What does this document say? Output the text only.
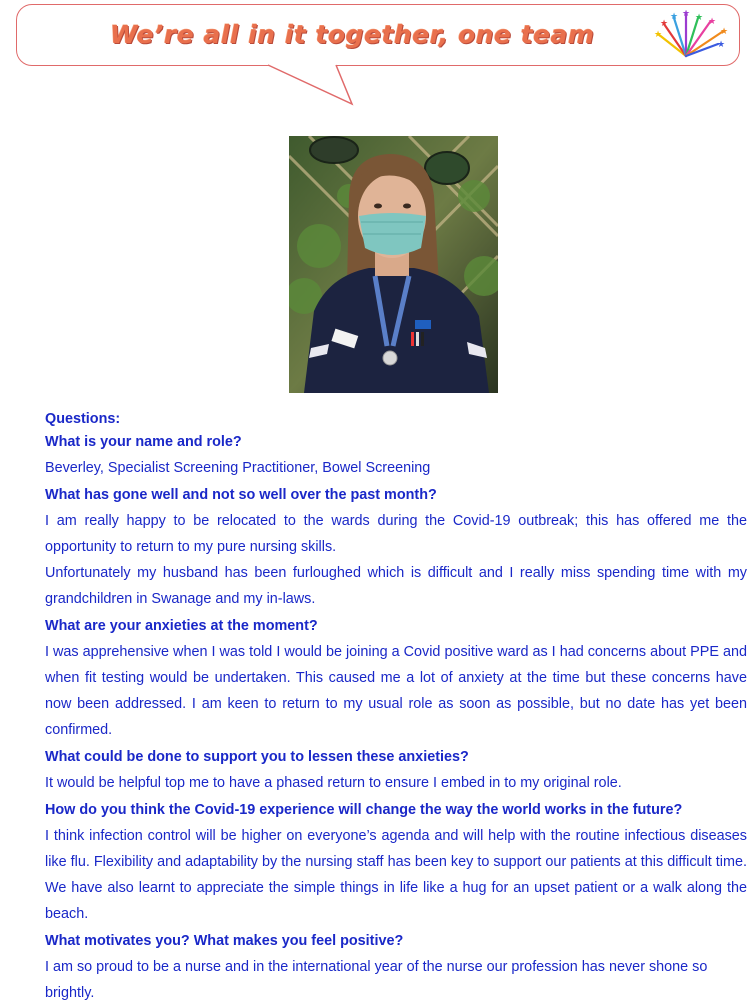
We’re all in it together, one team	★
★
★ ★ ★ ★
★
★
Questions:
What is your name and role?
Beverley, Specialist Screening Practitioner, Bowel Screening
What has gone well and not so well over the past month?
I am really happy to be relocated to the wards during the Covid-19 outbreak; this has offered me the opportunity to return to my pure nursing skills.
Unfortunately my husband has been furloughed which is difficult and I really miss spending time with my grandchildren in Swanage and my in-laws.
What are your anxieties at the moment?
I was apprehensive when I was told I would be joining a Covid positive ward as I had concerns about PPE and when fit testing would be undertaken. This caused me a lot of anxiety at the time but these concerns have now been addressed. I am keen to return to my usual role as soon as possible, but no date has yet been confirmed.
What could be done to support you to lessen these anxieties?
It would be helpful top me to have a phased return to ensure I embed in to my original role.
How do you think the Covid-19 experience will change the way the world works in the future?
I think infection control will be higher on everyone’s agenda and will help with the routine infectious diseases like flu. Flexibility and adaptability by the nursing staff has been key to support our patients at this difficult time. We have also learnt to appreciate the simple things in life like a hug for an upset patient or a walk along the beach.
What motivates you? What makes you feel positive?
I am so proud to be a nurse and in the international year of the nurse our profession has never shone so brightly.
